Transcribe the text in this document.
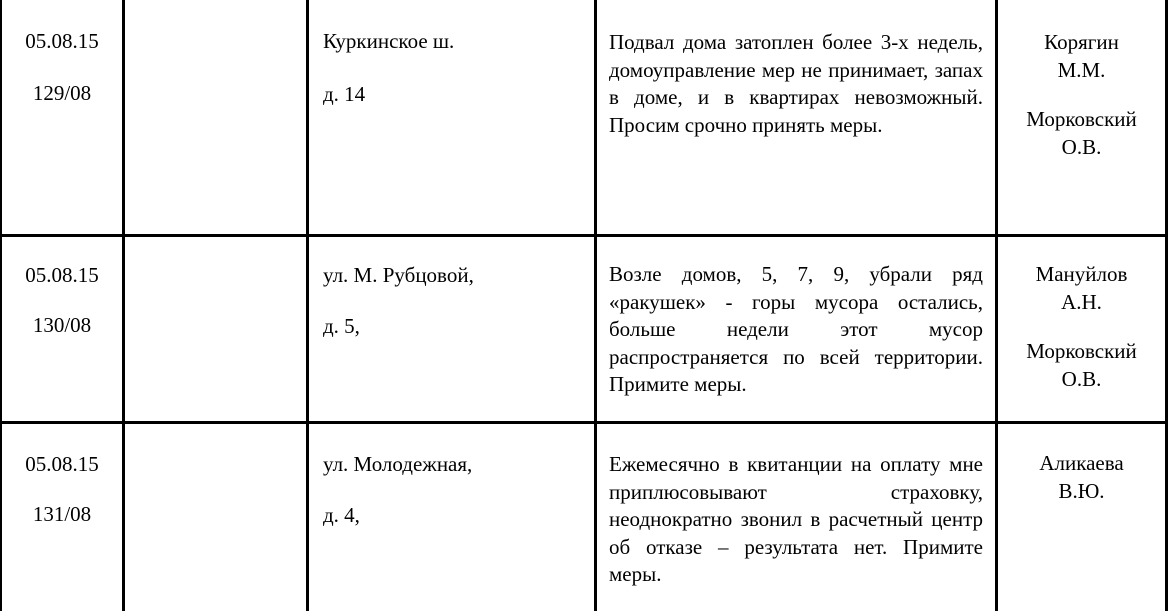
05.08.15
129/08
Куркинское ш.
д. 14
Подвал дома затоплен более 3-х недель, домоуправление мер не принимает, запах в доме, и в квартирах невозможный. Просим срочно принять меры.
Корягин
М.М.
Морковский
О.В.
05.08.15
130/08
ул. М. Рубцовой,
д. 5,
Возле домов, 5, 7, 9, убрали ряд «ракушек» - горы мусора остались, больше недели этот мусор распространяется по всей территории. Примите меры.
Мануйлов
А.Н.
Морковский
О.В.
05.08.15
131/08
ул. Молодежная,
д. 4,
Ежемесячно в квитанции на оплату мне приплюсовывают страховку, неоднократно звонил в расчетный центр об отказе – результата нет. Примите меры.
Аликаева
В.Ю.
